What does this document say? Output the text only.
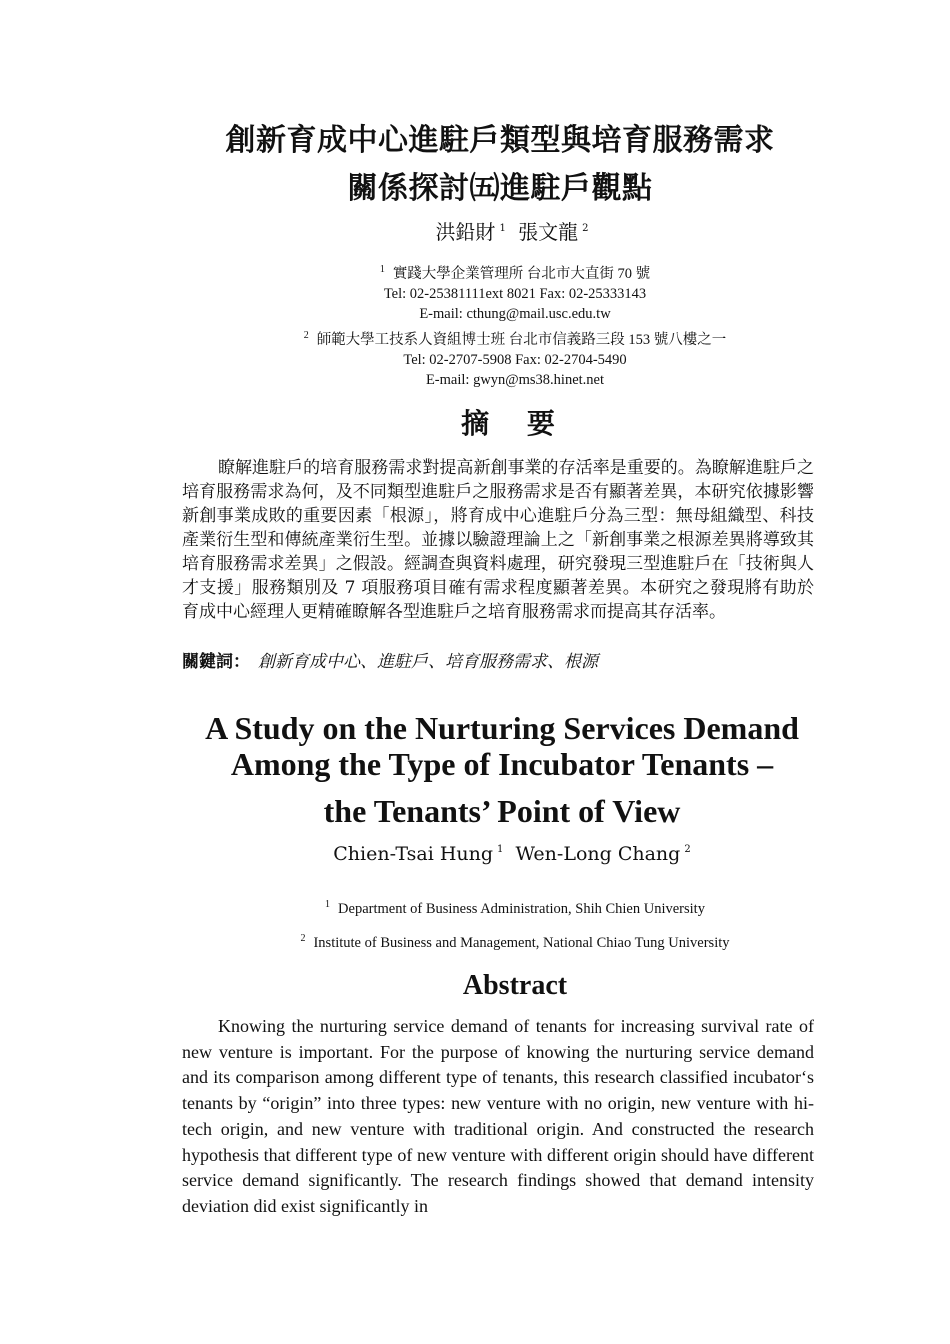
創新育成中心進駐戶類型與培育服務需求
關係探討㈤進駐戶觀點
洪鉛財 $^1$ 張文龍 $^2$
$^1$ 實踐大學企業管理所 台北市大直街 70 號
Tel: 02-25381111ext 8021 Fax: 02-25333143
E-mail: cthung@mail.usc.edu.tw
$^2$ 師範大學工技系人資組博士班 台北市信義路三段 153 號八樓之一
Tel: 02-2707-5908 Fax: 02-2704-5490
E-mail: gwyn@ms38.hinet.net
摘 要
瞭解進駐戶的培育服務需求對提高新創事業的存活率是重要的。為瞭解進駐戶之培育服務需求為何，及不同類型進駐戶之服務需求是否有顯著差異，本研究依據影響新創事業成敗的重要因素「根源」，將育成中心進駐戶分為三型：無母組織型、科技產業衍生型和傳統產業衍生型。並據以驗證理論上之「新創事業之根源差異將導致其培育服務需求差異」之假設。經調查與資料處理，研究發現三型進駐戶在「技術與人才支援」服務類別及 7 項服務項目確有需求程度顯著差異。本研究之發現將有助於育成中心經理人更精確瞭解各型進駐戶之培育服務需求而提高其存活率。
關鍵詞： 創新育成中心、進駐戶、培育服務需求、根源
A Study on the Nurturing Services Demand
Among the Type of Incubator Tenants –
the Tenants’ Point of View
Chien-Tsai Hung $^1$ Wen-Long Chang $^2$
$^1$ Department of Business Administration, Shih Chien University
$^2$ Institute of Business and Management, National Chiao Tung University
Abstract
Knowing the nurturing service demand of tenants for increasing survival rate of new venture is important. For the purpose of knowing the nurturing service demand and its comparison among different type of tenants, this research classified incubator‘s tenants by “origin” into three types: new venture with no origin, new venture with hi-tech origin, and new venture with traditional origin. And constructed the research hypothesis that different type of new venture with different origin should have different service demand significantly. The research findings showed that demand intensity deviation did exist significantly in
